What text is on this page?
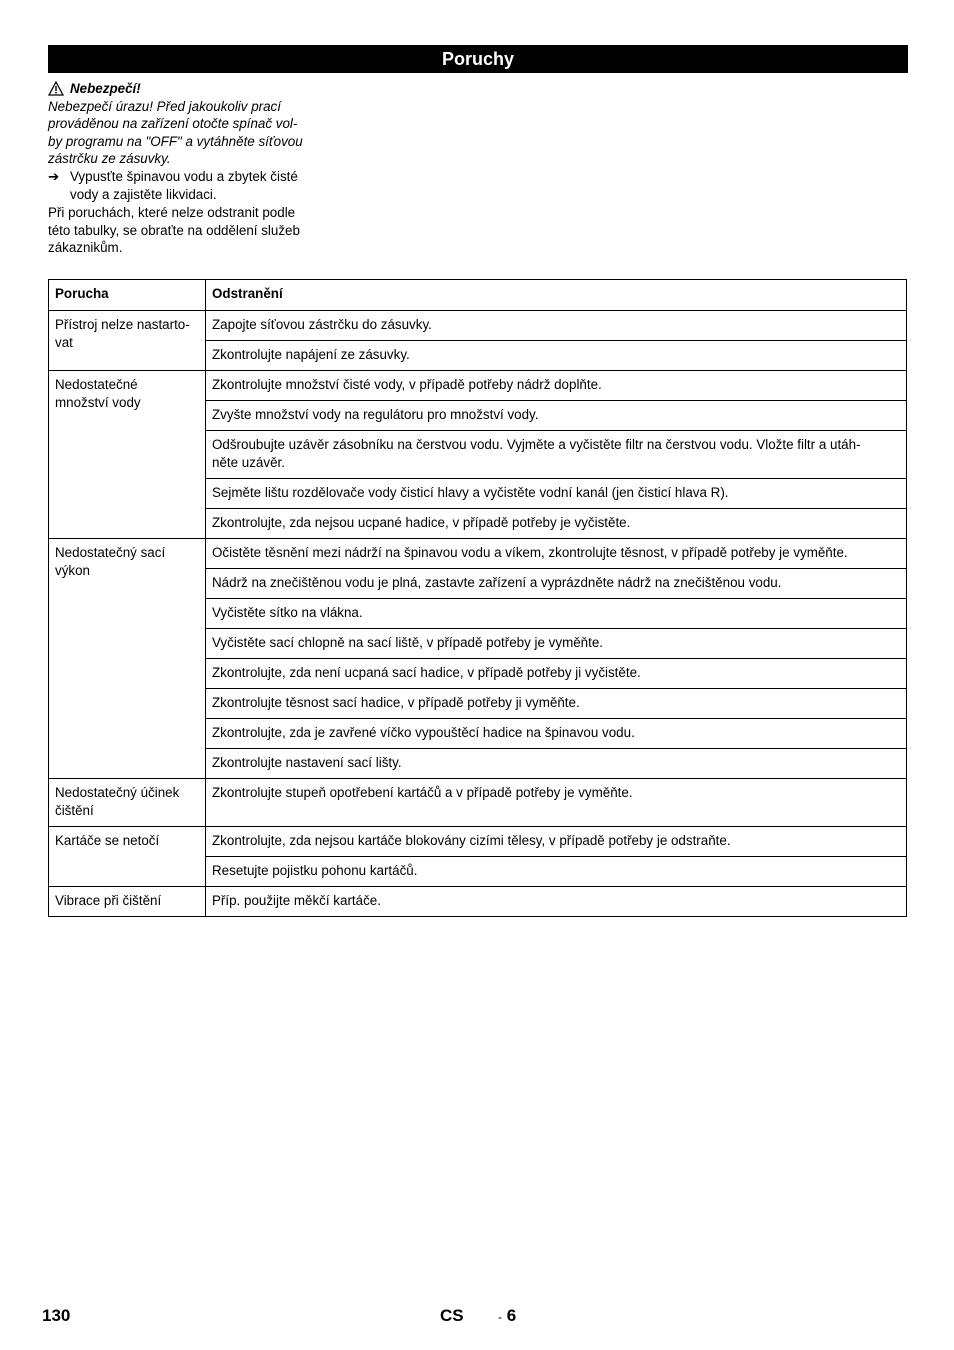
Poruchy
Nebezpečí!
Nebezpečí úrazu! Před jakoukoliv prací
prováděnou na zařízení otočte spínač vol-
by programu na "OFF" a vytáhněte síťovou
zástrčku ze zásuvky.
➔ Vypusťte špinavou vodu a zbytek čisté
vody a zajistěte likvidaci.
Při poruchách, které nelze odstranit podle
této tabulky, se obraťte na oddělení služeb
zákaznikům.
Porucha	Odstranění
Přístroj nelze nastarto-
vat	Zapojte síťovou zástrčku do zásuvky.
	Zkontrolujte napájení ze zásuvky.
Nedostatečné
množství vody	Zkontrolujte množství čisté vody, v případě potřeby nádrž doplňte.
	Zvyšte množství vody na regulátoru pro množství vody.
	Odšroubujte uzávěr zásobníku na čerstvou vodu. Vyjměte a vyčistěte filtr na čerstvou vodu. Vložte filtr a utáh-
něte uzávěr.
	Sejměte lištu rozdělovače vody čisticí hlavy a vyčistěte vodní kanál (jen čisticí hlava R).
	Zkontrolujte, zda nejsou ucpané hadice, v případě potřeby je vyčistěte.
Nedostatečný sací
výkon	Očistěte těsnění mezi nádrží na špinavou vodu a víkem, zkontrolujte těsnost, v případě potřeby je vyměňte.
	Nádrž na znečištěnou vodu je plná, zastavte zařízení a vyprázdněte nádrž na znečištěnou vodu.
	Vyčistěte sítko na vlákna.
	Vyčistěte sací chlopně na sací liště, v případě potřeby je vyměňte.
	Zkontrolujte, zda není ucpaná sací hadice, v případě potřeby ji vyčistěte.
	Zkontrolujte těsnost sací hadice, v případě potřeby ji vyměňte.
	Zkontrolujte, zda je zavřené víčko vypouštěcí hadice na špinavou vodu.
	Zkontrolujte nastavení sací lišty.
Nedostatečný účinek
čištění	Zkontrolujte stupeň opotřebení kartáčů a v případě potřeby je vyměňte.
Kartáče se netočí	Zkontrolujte, zda nejsou kartáče blokovány cizími tělesy, v případě potřeby je odstraňte.
	Resetujte pojistku pohonu kartáčů.
Vibrace při čištění	Příp. použijte měkčí kartáče.
130	CS	- 6
